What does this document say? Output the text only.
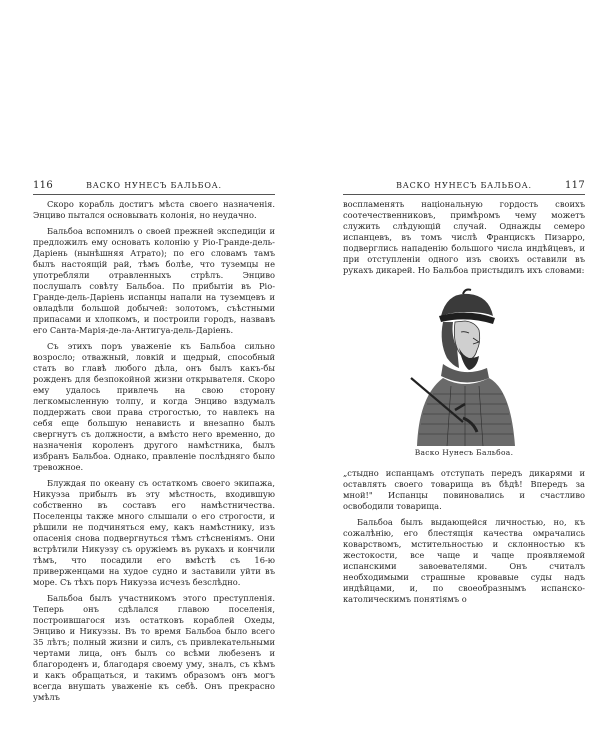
116	ВАСКО НУНЕСЪ БАЛЬБОА.

Скоро корабль достигъ мѣста своего назначенія. Энциво пытался основывать колонія, но неудачно.

Бальбоа вспомнилъ о своей прежней экспедиціи и предложилъ ему основать колонію у Ріо-Гранде-дель-Даріень (нынѣшняя Атрато); по его словамъ тамъ былъ настоящій рай, тѣмъ болѣе, что туземцы не употребляли отравленныхъ стрѣлъ. Энциво послушалъ совѣту Бальбоа. По прибытіи въ Ріо-Гранде-дель-Даріень испанцы напали на туземцевъ и овладѣли большой добычей: золотомъ, съѣстными припасами и хлопкомъ, и построили городъ, назвавъ его Санта-Марія-де-ла-Антигуа-дель-Даріень.

Съ этихъ поръ уваженіе къ Бальбоа сильно возросло; отважный, ловкій и щедрый, способный стать во главѣ любого дѣла, онъ былъ какъ-бы рожденъ для безпокойной жизни открывателя. Скоро ему удалось привлечь на свою сторону легкомысленную толпу, и когда Энциво вздумалъ поддержать свои права строгостью, то навлекъ на себя еще большую ненависть и внезапно былъ свергнутъ съ должности, а вмѣсто него временно, до назначенія короленъ другого намѣстника, былъ избранъ Бальбоа. Однако, правленіе послѣдняго было тревожное.

Блуждая по океану съ остаткомъ своего экипажа, Никуэза прибылъ въ эту мѣстность, входившую собственно въ составъ его намѣстничества. Поселенцы также много слышали о его строгости, и рѣшили не подчиняться ему, какъ намѣстнику, изъ опасенія снова подвергнуться тѣмъ стѣсненіямъ. Они встрѣтили Никуэзу съ оружіемъ въ рукахъ и кончили тѣмъ, что посадили его вмѣстѣ съ 16-ю приверженцами на худое судно и заставили уйти въ море. Съ тѣхъ поръ Никуэза исчезъ безслѣдно.

Бальбоа былъ участникомъ этого преступленія. Теперь онъ сдѣлался главою поселенія, построившагося изъ остатковъ кораблей Охеды, Энциво и Никуэзы. Въ то время Бальбоа было всего 35 лѣтъ; полный жизни и силъ, съ привлекательными чертами лица, онъ былъ со всѣми любезенъ и благороденъ и, благодаря своему уму, зналъ, съ кѣмъ и какъ обращаться, и такимъ образомъ онъ могъ всегда внушать уваженіе къ себѣ. Онъ прекрасно умѣлъ

ВАСКО НУНЕСЪ БАЛЬБОА.	117

воспламенять національную гордость своихъ соотечественниковъ, примѣромъ чему можетъ служить слѣдующій случай. Однажды семеро испанцевъ, въ томъ числѣ Францискъ Пизарро, подверглись нападенію большого числа индѣйцевъ, и при отступленіи одного изъ своихъ оставили въ рукахъ дикарей. Но Бальбоа пристыдилъ ихъ словами:

Васко Нунесъ Бальбоа.

„стыдно испанцамъ отступать передъ дикарями и оставлять своего товарища въ бѣдѣ! Впередъ за мной!" Испанцы повиновались и счастливо освободили товарища.

Бальбоа былъ выдающейся личностью, но, къ сожалѣнію, его блестящія качества омрачались коварствомъ, мстительностью и склонностью къ жестокости, все чаще и чаще проявляемой испанскими завоевателями. Онъ считалъ необходимыми страшные кровавые суды надъ индѣйцами, и, по своеобразнымъ испанско-католическимъ понятіямъ о
